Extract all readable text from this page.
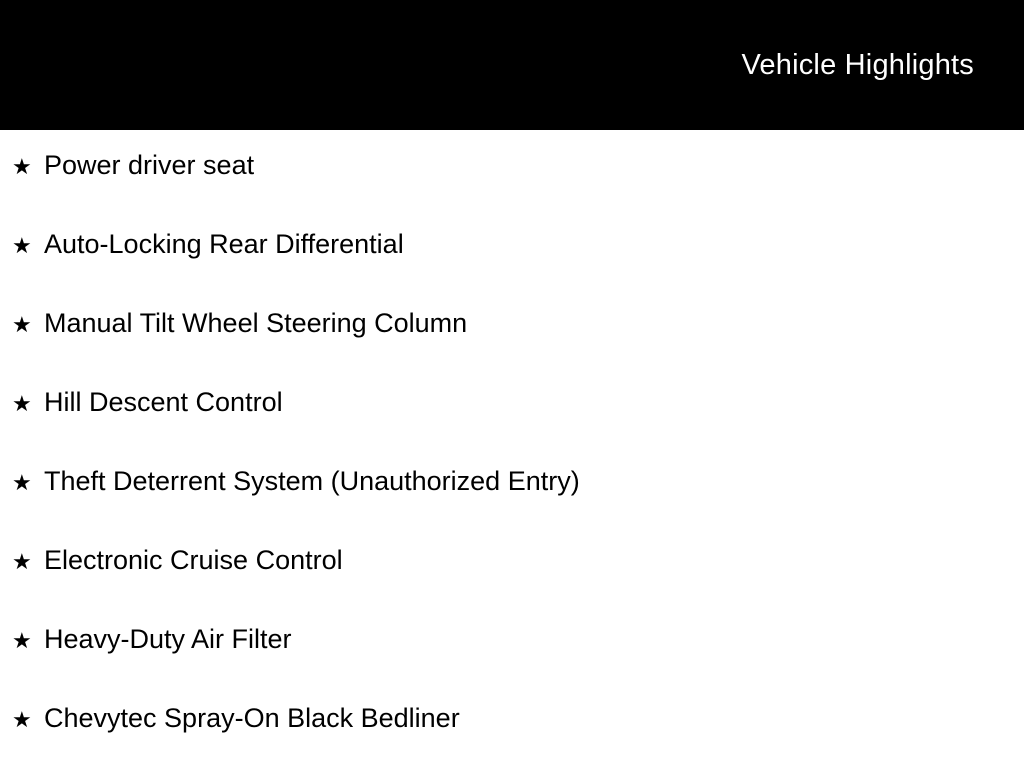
Vehicle Highlights
★ Power driver seat
★ Auto-Locking Rear Differential
★ Manual Tilt Wheel Steering Column
★ Hill Descent Control
★ Theft Deterrent System (Unauthorized Entry)
★ Electronic Cruise Control
★ Heavy-Duty Air Filter
★ Chevytec Spray-On Black Bedliner
